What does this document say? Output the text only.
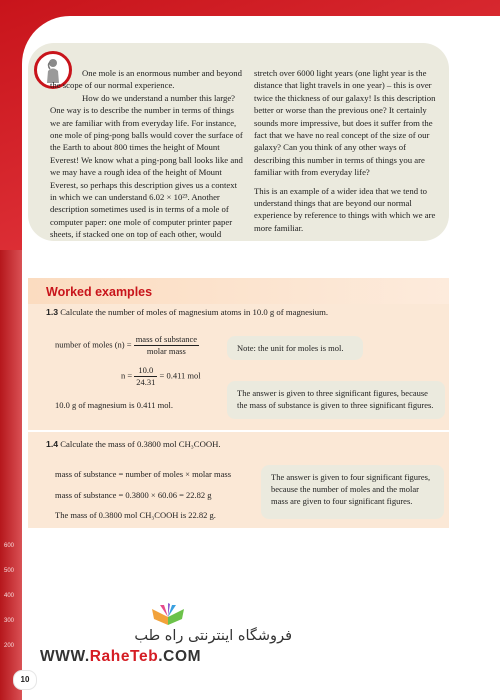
600
500
400
300
200

One mole is an enormous number and beyond the scope of our normal experience.

How do we understand a number this large? One way is to describe the number in terms of things we are familiar with from everyday life. For instance, one mole of ping-pong balls would cover the surface of the Earth to about 800 times the height of Mount Everest! We know what a ping-pong ball looks like and we may have a rough idea of the height of Mount Everest, so perhaps this description gives us a context in which we can understand 6.02 × 10²³. Another description sometimes used is in terms of a mole of computer paper: one mole of computer printer paper sheets, if stacked one on top of each other, would

stretch over 6000 light years (one light year is the distance that light travels in one year) – this is over twice the thickness of our galaxy! Is this description better or worse than the previous one? It certainly sounds more impressive, but does it suffer from the fact that we have no real concept of the size of our galaxy? Can you think of any other ways of describing this number in terms of things you are familiar with from everyday life?

This is an example of a wider idea that we tend to understand things that are beyond our normal experience by reference to things with which we are more familiar.

Worked examples
1.3 Calculate the number of moles of magnesium atoms in 10.0 g of magnesium.
number of moles $(n) = \frac{\text{mass of substance}}{\text{molar mass}}$
$n = \frac{10.0}{24.31} = 0.411$ mol
10.0 g of magnesium is 0.411 mol.
Note: the unit for moles is mol.
The answer is given to three significant figures, because the mass of substance is given to three significant figures.
1.4 Calculate the mass of 0.3800 mol CH₃COOH.
mass of substance = number of moles × molar mass
mass of substance = 0.3800 × 60.06 = 22.82 g
The mass of 0.3800 mol CH₃COOH is 22.82 g.
The answer is given to four significant figures, because the number of moles and the molar mass are given to four significant figures.
فروشگاه اینترنتی راه طب
WWW.RaheTeb.COM
10
